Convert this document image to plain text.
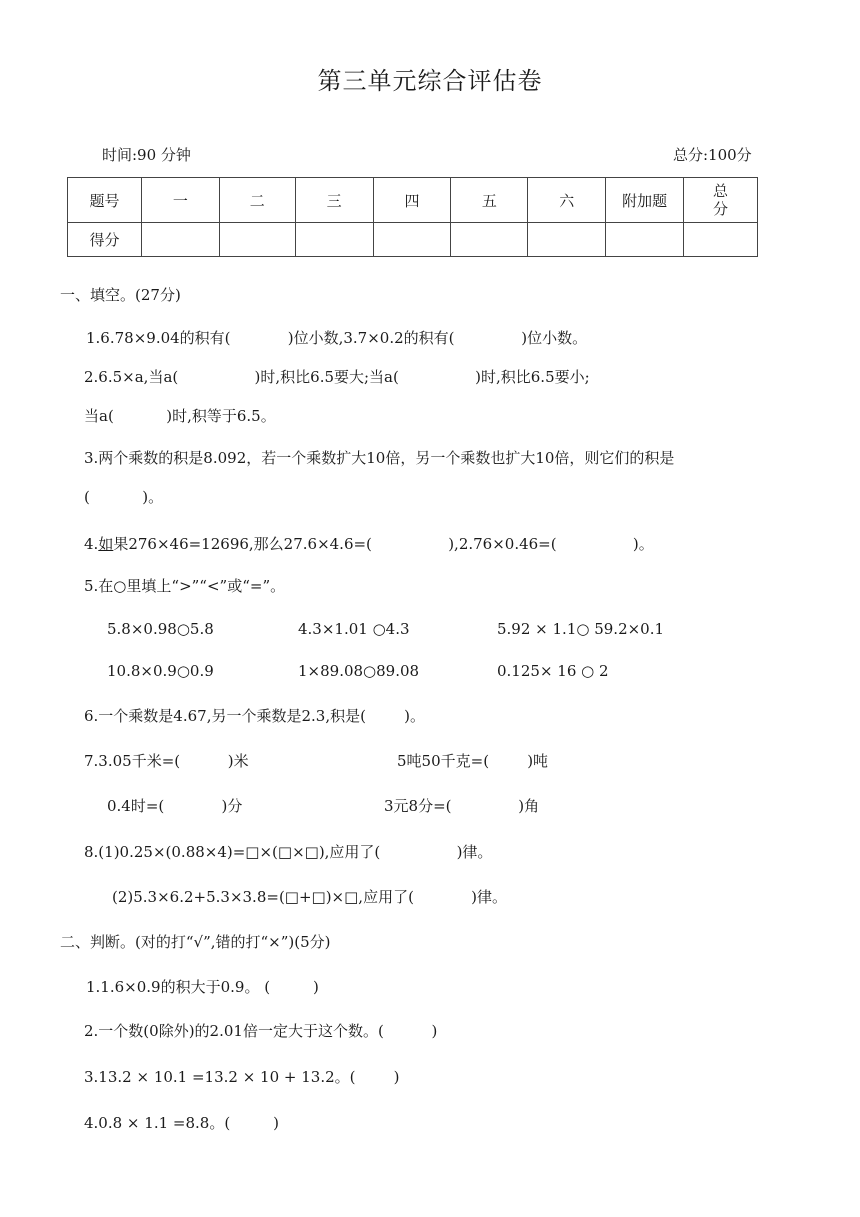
第三单元综合评估卷
时间:90 分钟	总分:100分
题号	一	二	三	四	五	六	附加题	总
分
得分								
一、填空。(27分)
1.6.78×9.04的积有(            )位小数,3.7×0.2的积有(              )位小数。
2.6.5×a,当a(                )时,积比6.5要大;当a(                )时,积比6.5要小;
当a(           )时,积等于6.5。
3.两个乘数的积是8.092，若一个乘数扩大10倍，另一个乘数也扩大10倍，则它们的积是
(           )。
4.如果276×46=12696,那么27.6×4.6=(                ),2.76×0.46=(                )。
5.在○里填上“>”“<”或“=”。
5.8×0.98○5.8	4.3×1.01 ○4.3	5.92 × 1.1○ 59.2×0.1
10.8×0.9○0.9	1×89.08○89.08	0.125× 16 ○ 2
6.一个乘数是4.67,另一个乘数是2.3,积是(        )。
7.3.05千米=(          )米	5吨50千克=(        )吨
0.4时=(            )分	3元8分=(              )角
8.(1)0.25×(0.88×4)=□×(□×□),应用了(                )律。
(2)5.3×6.2+5.3×3.8=(□+□)×□,应用了(            )律。
二、判断。(对的打“√”,错的打“×”)(5分)
1.1.6×0.9的积大于0.9。 (         )
2.一个数(0除外)的2.01倍一定大于这个数。(          )
3.13.2 × 10.1 =13.2 × 10 + 13.2。(        )
4.0.8 × 1.1 =8.8。(         )
